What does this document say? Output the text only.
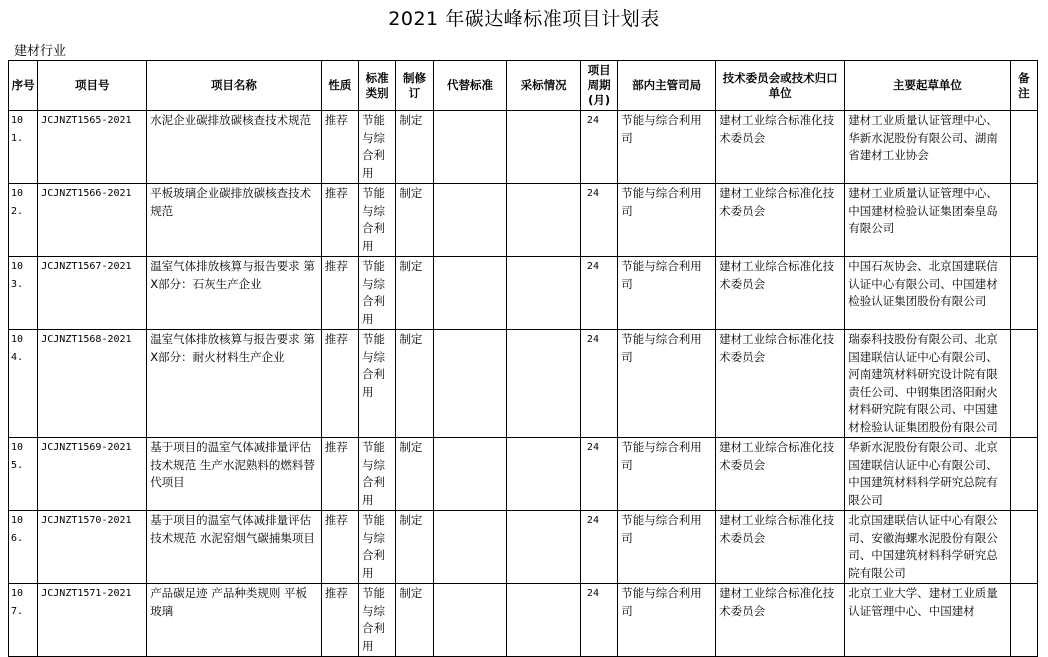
2021 年碳达峰标准项目计划表
建材行业
序号	项目号	项目名称	性质	标准类别	制修订	代替标准	采标情况	项目周期(月)	部内主管司局	技术委员会或技术归口单位	主要起草单位	备注
101.	JCJNZT1565-2021	水泥企业碳排放碳核查技术规范	推荐	节能与综合利用	制定			24	节能与综合利用司	建材工业综合标准化技术委员会	建材工业质量认证管理中心、华新水泥股份有限公司、湖南省建材工业协会	
102.	JCJNZT1566-2021	平板玻璃企业碳排放碳核查技术规范	推荐	节能与综合利用	制定			24	节能与综合利用司	建材工业综合标准化技术委员会	建材工业质量认证管理中心、中国建材检验认证集团秦皇岛有限公司	
103.	JCJNZT1567-2021	温室气体排放核算与报告要求 第X部分：石灰生产企业	推荐	节能与综合利用	制定			24	节能与综合利用司	建材工业综合标准化技术委员会	中国石灰协会、北京国建联信认证中心有限公司、中国建材检验认证集团股份有限公司	
104.	JCJNZT1568-2021	温室气体排放核算与报告要求 第X部分：耐火材料生产企业	推荐	节能与综合利用	制定			24	节能与综合利用司	建材工业综合标准化技术委员会	瑞泰科技股份有限公司、北京国建联信认证中心有限公司、河南建筑材料研究设计院有限责任公司、中钢集团洛阳耐火材料研究院有限公司、中国建材检验认证集团股份有限公司	
105.	JCJNZT1569-2021	基于项目的温室气体减排量评估技术规范 生产水泥熟料的燃料替代项目	推荐	节能与综合利用	制定			24	节能与综合利用司	建材工业综合标准化技术委员会	华新水泥股份有限公司、北京国建联信认证中心有限公司、中国建筑材料科学研究总院有限公司	
106.	JCJNZT1570-2021	基于项目的温室气体减排量评估技术规范 水泥窑烟气碳捕集项目	推荐	节能与综合利用	制定			24	节能与综合利用司	建材工业综合标准化技术委员会	北京国建联信认证中心有限公司、安徽海螺水泥股份有限公司、中国建筑材料科学研究总院有限公司	
107.	JCJNZT1571-2021	产品碳足迹 产品种类规则 平板玻璃	推荐	节能与综合利用	制定			24	节能与综合利用司	建材工业综合标准化技术委员会	北京工业大学、建材工业质量认证管理中心、中国建材	
